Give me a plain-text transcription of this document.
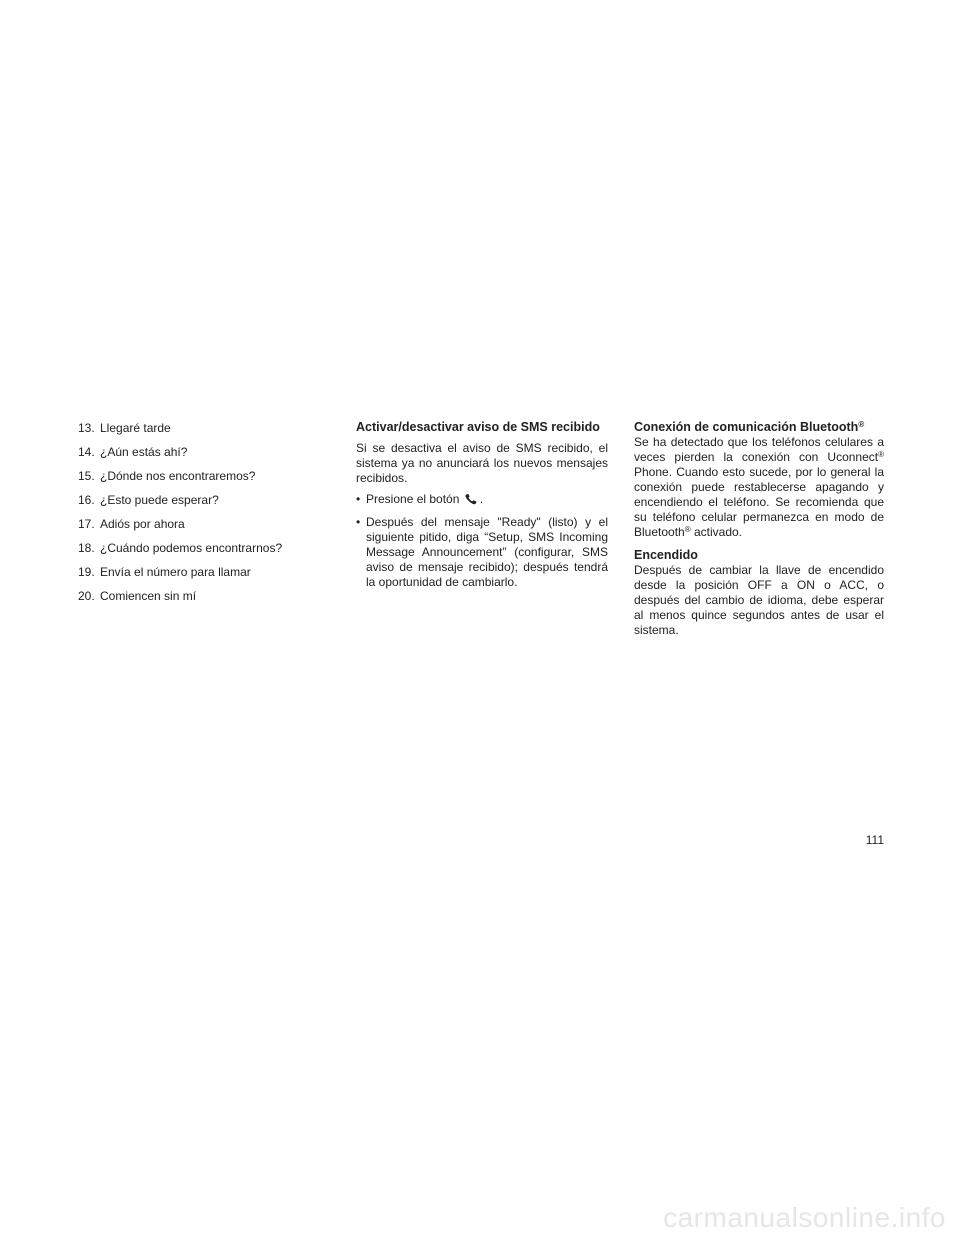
13. Llegaré tarde
14. ¿Aún estás ahí?
15. ¿Dónde nos encontraremos?
16. ¿Esto puede esperar?
17. Adiós por ahora
18. ¿Cuándo podemos encontrarnos?
19. Envía el número para llamar
20. Comiencen sin mí
Activar/desactivar aviso de SMS recibido
Si se desactiva el aviso de SMS recibido, el sistema ya no anunciará los nuevos mensajes recibidos.
• Presione el botón .
• Después del mensaje "Ready" (listo) y el siguiente pitido, diga “Setup, SMS Incoming Message Announcement” (configurar, SMS aviso de mensaje recibido); después tendrá la oportunidad de cambiarlo.
Conexión de comunicación Bluetooth®
Se ha detectado que los teléfonos celulares a veces pierden la conexión con Uconnect® Phone. Cuando esto sucede, por lo general la conexión puede restablecerse apagando y encendiendo el teléfono. Se recomienda que su teléfono celular permanezca en modo de Bluetooth® activado.
Encendido
Después de cambiar la llave de encendido desde la posición OFF a ON o ACC, o después del cambio de idioma, debe esperar al menos quince segundos antes de usar el sistema.
111
carmanualsonline.info
